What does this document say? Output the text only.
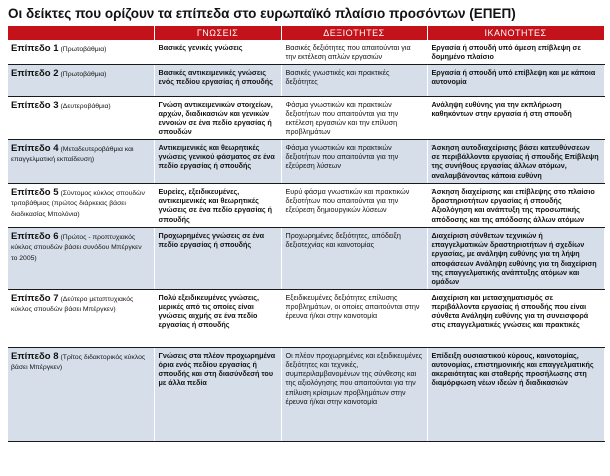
Οι δείκτες που ορίζουν τα επίπεδα στο ευρωπαϊκό πλαίσιο προσόντων (ΕΠΕΠ)
	ΓΝΩΣΕΙΣ	ΔΕΞΙΟΤΗΤΕΣ	ΙΚΑΝΟΤΗΤΕΣ
Επίπεδο 1 (Πρωτοβάθμια)	Βασικές γενικές γνώσεις	Βασικές δεξιότητες που απαιτούνται για την εκτέλεση απλών εργασιών	Εργασία ή σπουδή υπό άμεση επίβλεψη σε δομημένο πλαίσιο
Επίπεδο 2 (Πρωτοβάθμια)	Βασικές αντικειμενικές γνώσεις ενός πεδίου εργασίας ή σπουδής	Βασικές γνωστικές και πρακτικές δεξιότητες	Εργασία ή σπουδή υπό επίβλεψη και με κάποια αυτονομία
Επίπεδο 3 (Δευτεροβάθμια)	Γνώση αντικειμενικών στοιχείων, αρχών, διαδικασιών και γενικών εννοιών σε ένα πεδίο εργασίας ή σπουδών	Φάσμα γνωστικών και πρακτικών δεξιοτήτων που απαιτούνται για την εκτέλεση εργασιών και την επίλυση προβλημάτων	Ανάληψη ευθύνης για την εκπλήρωση καθηκόντων στην εργασία ή στη σπουδή
Επίπεδο 4 (Μεταδευτεροβάθμια και επαγγελματική εκπαίδευση)	Αντικειμενικές και θεωρητικές γνώσεις γενικού φάσματος σε ένα πεδίο εργασίας ή σπουδής	Φάσμα γνωστικών και πρακτικών δεξιοτήτων που απαιτούνται για την εξεύρεση λύσεων	Άσκηση αυτοδιαχείρισης βάσει κατευθύνσεων σε περιβάλλοντα εργασίας ή σπουδής Επίβλεψη της συνήθους εργασίας άλλων ατόμων, αναλαμβάνοντας κάποια ευθύνη
Επίπεδο 5 (Σύντομος κύκλος σπουδών τριτοβάθμιας (πρώτος διάρκειας βάσει διαδικασίας Μπολόνια)	Ευρείες, εξειδικευμένες, αντικειμενικές και θεωρητικές γνώσεις σε ένα πεδίο εργασίας ή σπουδής	Ευρύ φάσμα γνωστικών και πρακτικών δεξιοτήτων που απαιτούνται για την εξεύρεση δημιουργικών λύσεων	Άσκηση διαχείρισης και επίβλεψης στο πλαίσιο δραστηριοτήτων εργασίας ή σπουδής Αξιολόγηση και ανάπτυξη της προσωπικής απόδοσης και της απόδοσης άλλων ατόμων
Επίπεδο 6 (Πρώτος - προπτυχιακός κύκλος σπουδών βάσει συνόδου Μπέργκεν το 2005)	Προχωρημένες γνώσεις σε ένα πεδίο εργασίας ή σπουδής	Προχωρημένες δεξιότητες, απόδειξη δεξιοτεχνίας και καινοτομίας	Διαχείριση σύνθετων τεχνικών ή επαγγελματικών δραστηριοτήτων ή σχεδίων εργασίας, με ανάληψη ευθύνης για τη λήψη αποφάσεων Ανάληψη ευθύνης για τη διαχείριση της επαγγελματικής ανάπτυξης ατόμων και ομάδων
Επίπεδο 7 (Δεύτερο μεταπτυχιακός κύκλος σπουδών βάσει Μπέργκεν)	Πολύ εξειδικευμένες γνώσεις, μερικές από τις οποίες είναι γνώσεις αιχμής σε ένα πεδίο εργασίας ή σπουδής	Εξειδικευμένες δεξιότητες επίλυσης προβλημάτων, οι οποίες απαιτούνται στην έρευνα ή/και στην καινοτομία	Διαχείριση και μετασχηματισμός σε περιβάλλοντα εργασίας ή σπουδής που είναι σύνθετα Ανάληψη ευθύνης για τη συνεισφορά στις επαγγελματικές γνώσεις και πρακτικές
Επίπεδο 8 (Τρίτος διδακτορικός κύκλος βάσει Μπέργκεν)	Γνώσεις στα πλέον προχωρημένα όρια ενός πεδίου εργασίας ή σπουδής και στη διασύνδεσή του με άλλα πεδία	Οι πλέον προχωρημένες και εξειδικευμένες δεξιότητες και τεχνικές, συμπεριλαμβανομένων της σύνθεσης και της αξιολόγησης που απαιτούνται για την επίλυση κρίσιμων προβλημάτων στην έρευνα ή/και στην καινοτομία	Επίδειξη ουσιαστικού κύρους, καινοτομίας, αυτονομίας, επιστημονικής και επαγγελματικής ακεραιότητας και σταθερής προσήλωσης στη διαμόρφωση νέων ιδεών ή διαδικασιών
